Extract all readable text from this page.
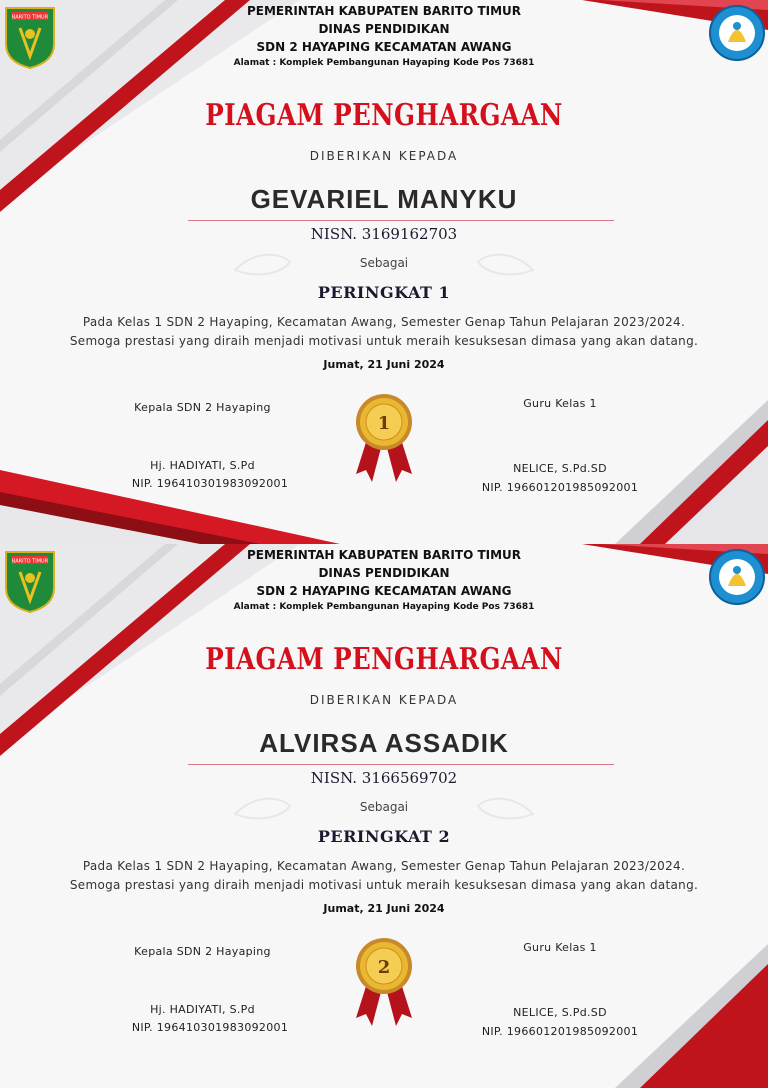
BARITO TIMUR	PEMERINTAH KABUPATEN BARITO TIMUR
DINAS PENDIDIKAN
SDN 2 HAYAPING KECAMATAN AWANG
Alamat : Komplek Pembangunan Hayaping Kode Pos 73681
PIAGAM PENGHARGAAN
DIBERIKAN KEPADA
GEVARIEL MANYKU
NISN. 3169162703
Sebagai
PERINGKAT 1
Pada Kelas 1 SDN 2 Hayaping, Kecamatan Awang, Semester Genap Tahun Pelajaran 2023/2024.
Semoga prestasi yang diraih menjadi motivasi untuk meraih kesuksesan dimasa yang akan datang.
Jumat, 21 Juni 2024
Kepala SDN 2 Hayaping
Hj. HADIYATI, S.Pd
NIP. 196410301983092001
Guru Kelas 1
NELICE, S.Pd.SD
NIP. 196601201985092001
1
BARITO TIMUR	PEMERINTAH KABUPATEN BARITO TIMUR
DINAS PENDIDIKAN
SDN 2 HAYAPING KECAMATAN AWANG
Alamat : Komplek Pembangunan Hayaping Kode Pos 73681
PIAGAM PENGHARGAAN
DIBERIKAN KEPADA
ALVIRSA ASSADIK
NISN. 3166569702
Sebagai
PERINGKAT 2
Pada Kelas 1 SDN 2 Hayaping, Kecamatan Awang, Semester Genap Tahun Pelajaran 2023/2024.
Semoga prestasi yang diraih menjadi motivasi untuk meraih kesuksesan dimasa yang akan datang.
Jumat, 21 Juni 2024
Kepala SDN 2 Hayaping
Hj. HADIYATI, S.Pd
NIP. 196410301983092001
Guru Kelas 1
NELICE, S.Pd.SD
NIP. 196601201985092001
2
